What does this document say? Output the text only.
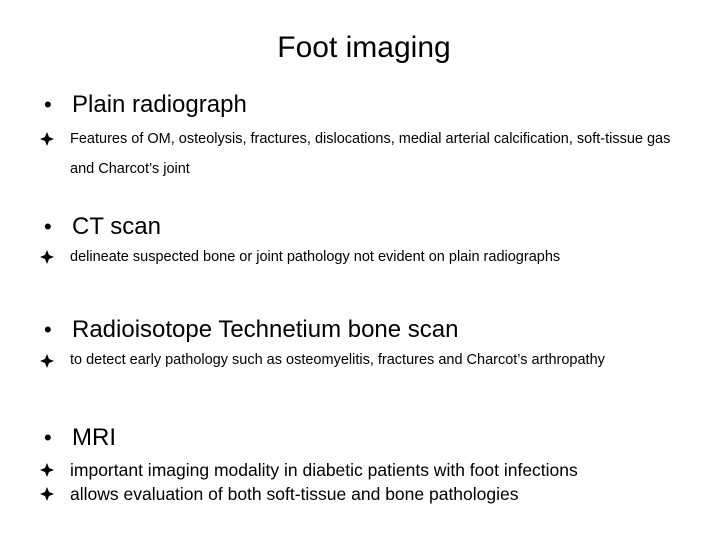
Foot imaging
• Plain radiograph
Features of OM, osteolysis, fractures, dislocations, medial arterial calcification, soft-tissue gas and Charcot’s joint
• CT scan
delineate suspected bone or joint pathology not evident on plain radiographs
• Radioisotope Technetium bone scan
to detect early pathology such as osteomyelitis, fractures and Charcot’s arthropathy
• MRI
important imaging modality in diabetic patients with foot infections
allows evaluation of both soft-tissue and bone pathologies
